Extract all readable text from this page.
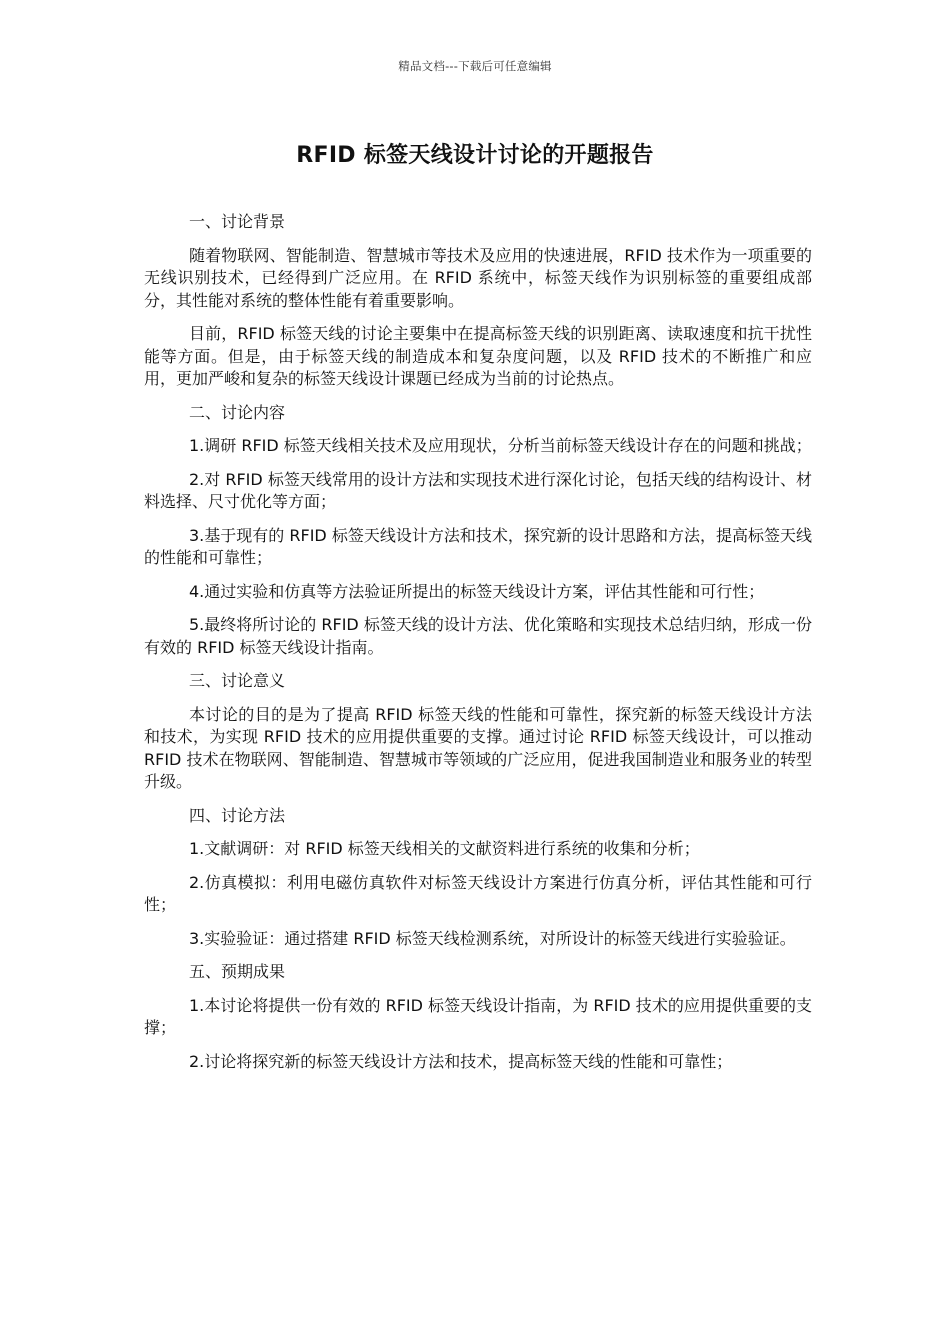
精品文档---下载后可任意编辑
RFID 标签天线设计讨论的开题报告

一、讨论背景

随着物联网、智能制造、智慧城市等技术及应用的快速进展，RFID 技术作为一项重要的无线识别技术，已经得到广泛应用。在 RFID 系统中，标签天线作为识别标签的重要组成部分，其性能对系统的整体性能有着重要影响。

目前，RFID 标签天线的讨论主要集中在提高标签天线的识别距离、读取速度和抗干扰性能等方面。但是，由于标签天线的制造成本和复杂度问题，以及 RFID 技术的不断推广和应用，更加严峻和复杂的标签天线设计课题已经成为当前的讨论热点。

二、讨论内容

1.调研 RFID 标签天线相关技术及应用现状，分析当前标签天线设计存在的问题和挑战；

2.对 RFID 标签天线常用的设计方法和实现技术进行深化讨论，包括天线的结构设计、材料选择、尺寸优化等方面；

3.基于现有的 RFID 标签天线设计方法和技术，探究新的设计思路和方法，提高标签天线的性能和可靠性；

4.通过实验和仿真等方法验证所提出的标签天线设计方案，评估其性能和可行性；

5.最终将所讨论的 RFID 标签天线的设计方法、优化策略和实现技术总结归纳，形成一份有效的 RFID 标签天线设计指南。

三、讨论意义

本讨论的目的是为了提高 RFID 标签天线的性能和可靠性，探究新的标签天线设计方法和技术，为实现 RFID 技术的应用提供重要的支撑。通过讨论 RFID 标签天线设计，可以推动 RFID 技术在物联网、智能制造、智慧城市等领域的广泛应用，促进我国制造业和服务业的转型升级。

四、讨论方法

1.文献调研：对 RFID 标签天线相关的文献资料进行系统的收集和分析；

2.仿真模拟：利用电磁仿真软件对标签天线设计方案进行仿真分析，评估其性能和可行性；

3.实验验证：通过搭建 RFID 标签天线检测系统，对所设计的标签天线进行实验验证。

五、预期成果

1.本讨论将提供一份有效的 RFID 标签天线设计指南，为 RFID 技术的应用提供重要的支撑；

2.讨论将探究新的标签天线设计方法和技术，提高标签天线的性能和可靠性；
